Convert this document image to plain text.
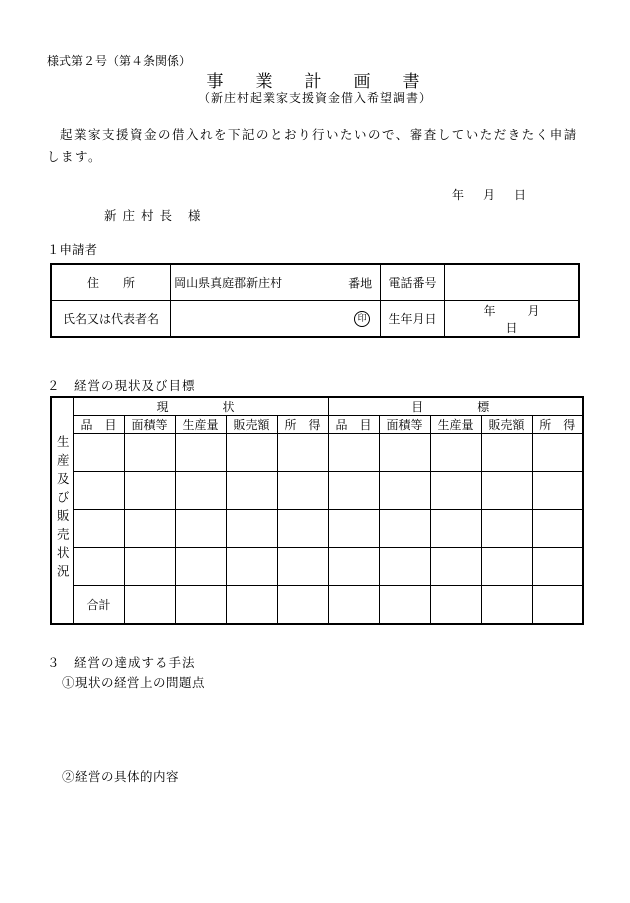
様式第２号（第４条関係）
事 業 計 画 書
（新庄村起業家支援資金借入希望調書）
起業家支援資金の借入れを下記のとおり行いたいので、審査していただきたく申請します。
年 月 日
新庄村長 様
１申請者
住　　所	岡山県真庭郡新庄村 番地	電話番号	
氏名又は代表者名	印	生年月日	年 月日
２　経営の現状及び目標
生産及び販売状況	現　　状					目　　標				
	品　目	面積等	生産量	販売額	所　得	品　目	面積等	生産量	販売額	所　得

	合計									
３　経営の達成する手法
①現状の経営上の問題点
②経営の具体的内容
